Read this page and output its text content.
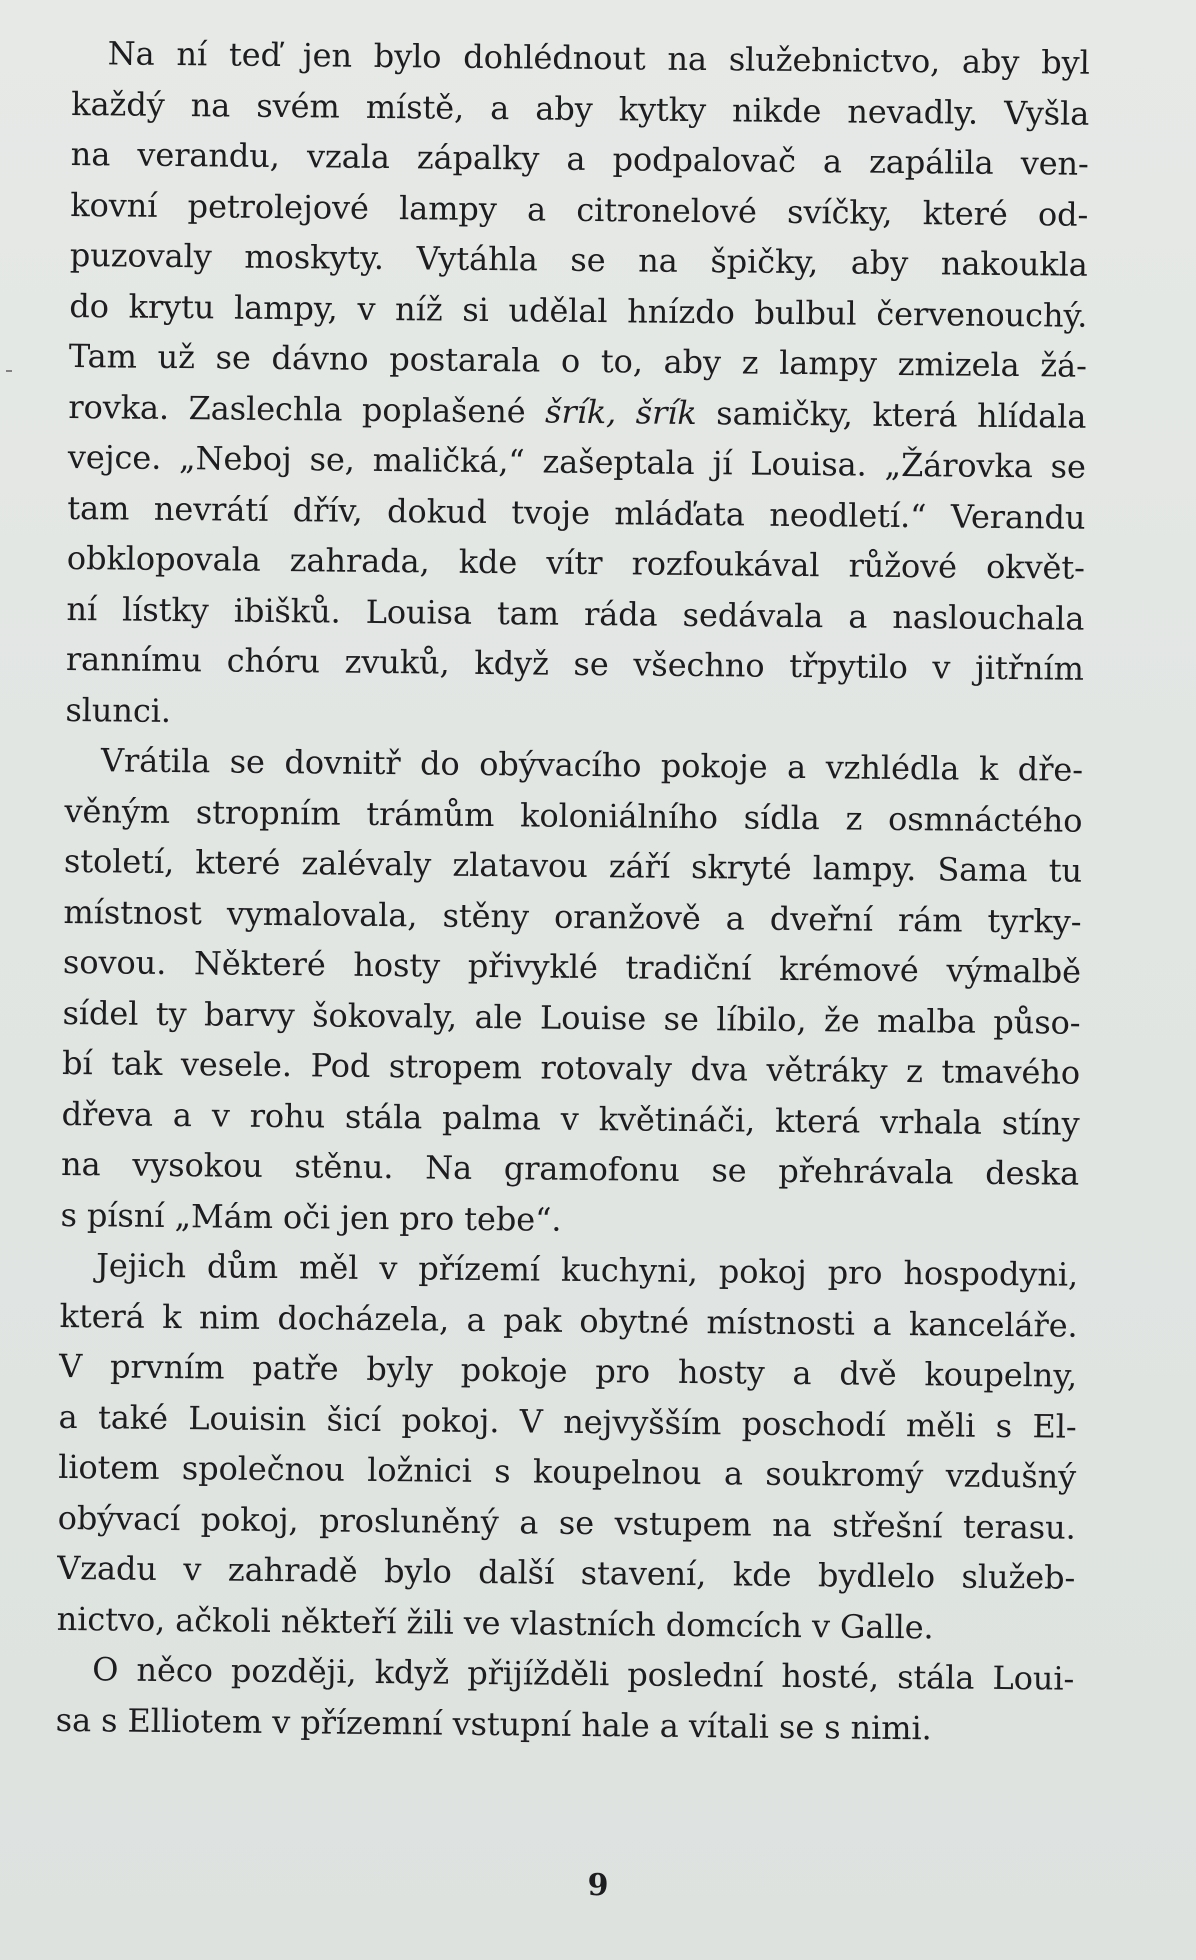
Na ní teď jen bylo dohlédnout na služebnictvo, aby byl
každý na svém místě, a aby kytky nikde nevadly. Vyšla
na verandu, vzala zápalky a podpalovač a zapálila ven-
kovní petrolejové lampy a citronelové svíčky, které od-
puzovaly moskyty. Vytáhla se na špičky, aby nakoukla
do krytu lampy, v níž si udělal hnízdo bulbul červenouchý.
Tam už se dávno postarala o to, aby z lampy zmizela žá-
rovka. Zaslechla poplašené šrík, šrík samičky, která hlídala
vejce. „Neboj se, maličká,“ zašeptala jí Louisa. „Žárovka se
tam nevrátí dřív, dokud tvoje mláďata neodletí.“ Verandu
obklopovala zahrada, kde vítr rozfoukával růžové okvět-
ní lístky ibišků. Louisa tam ráda sedávala a naslouchala
rannímu chóru zvuků, když se všechno třpytilo v jitřním
slunci.
Vrátila se dovnitř do obývacího pokoje a vzhlédla k dře-
věným stropním trámům koloniálního sídla z osmnáctého
století, které zalévaly zlatavou září skryté lampy. Sama tu
místnost vymalovala, stěny oranžově a dveřní rám tyrky-
sovou. Některé hosty přivyklé tradiční krémové výmalbě
sídel ty barvy šokovaly, ale Louise se líbilo, že malba půso-
bí tak vesele. Pod stropem rotovaly dva větráky z tmavého
dřeva a v rohu stála palma v květináči, která vrhala stíny
na vysokou stěnu. Na gramofonu se přehrávala deska
s písní „Mám oči jen pro tebe“.
Jejich dům měl v přízemí kuchyni, pokoj pro hospodyni,
která k nim docházela, a pak obytné místnosti a kanceláře.
V prvním patře byly pokoje pro hosty a dvě koupelny,
a také Louisin šicí pokoj. V nejvyšším poschodí měli s El-
liotem společnou ložnici s koupelnou a soukromý vzdušný
obývací pokoj, prosluněný a se vstupem na střešní terasu.
Vzadu v zahradě bylo další stavení, kde bydlelo služeb-
nictvo, ačkoli někteří žili ve vlastních domcích v Galle.
O něco později, když přijížděli poslední hosté, stála Loui-
sa s Elliotem v přízemní vstupní hale a vítali se s nimi.
9
